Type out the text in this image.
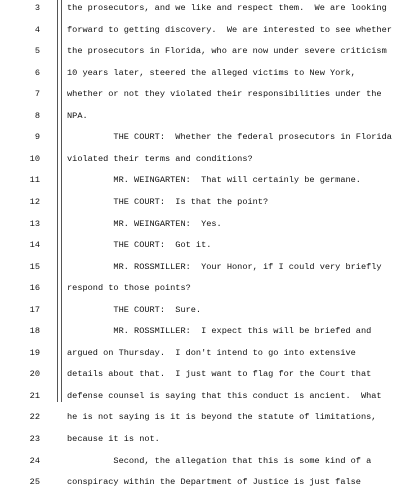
3	the prosecutors, and we like and respect them.  We are looking
4	forward to getting discovery.  We are interested to see whether
5	the prosecutors in Florida, who are now under severe criticism
6	10 years later, steered the alleged victims to New York,
7	whether or not they violated their responsibilities under the
8	NPA.
9	THE COURT:  Whether the federal prosecutors in Florida
10	violated their terms and conditions?
11	MR. WEINGARTEN:  That will certainly be germane.
12	THE COURT:  Is that the point?
13	MR. WEINGARTEN:  Yes.
14	THE COURT:  Got it.
15	MR. ROSSMILLER:  Your Honor, if I could very briefly
16	respond to those points?
17	THE COURT:  Sure.
18	MR. ROSSMILLER:  I expect this will be briefed and
19	argued on Thursday.  I don't intend to go into extensive
20	details about that.  I just want to flag for the Court that
21	defense counsel is saying that this conduct is ancient.  What
22	he is not saying is it is beyond the statute of limitations,
23	because it is not.
24	Second, the allegation that this is some kind of a
25	conspiracy within the Department of Justice is just false
